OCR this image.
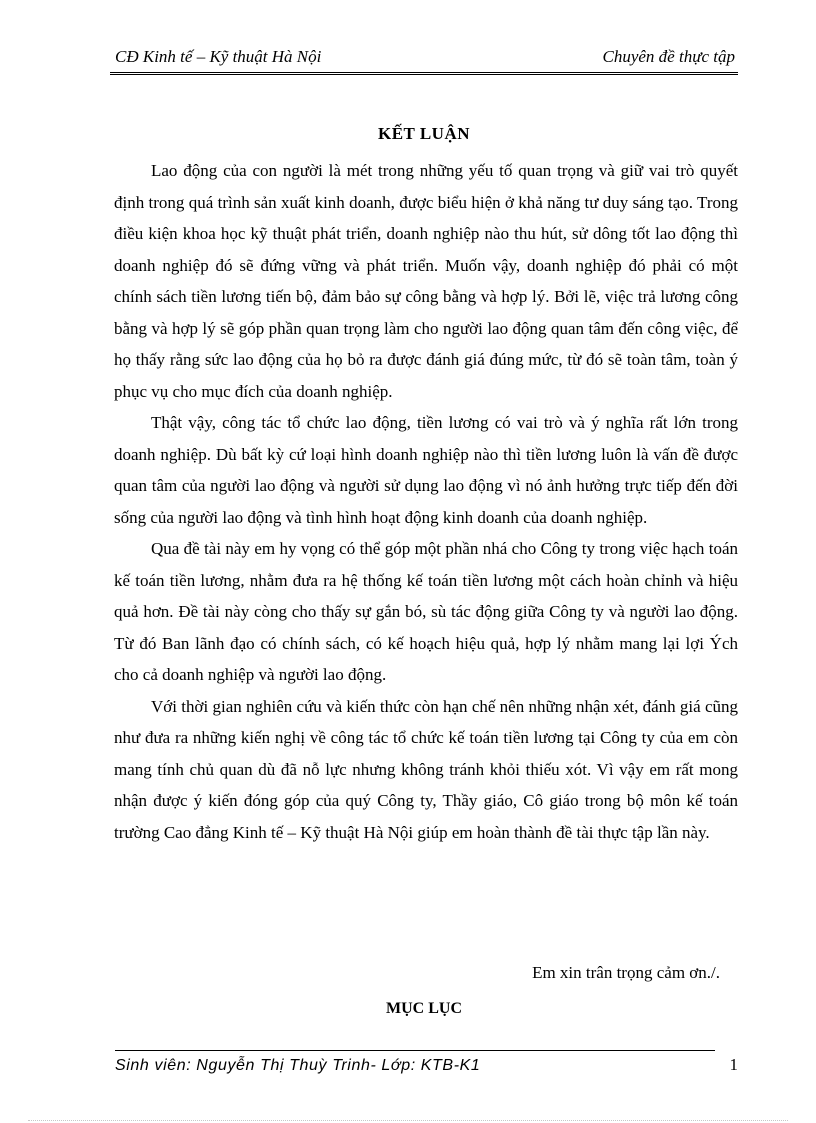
CĐ Kinh tế – Kỹ thuật Hà Nội	Chuyên đề thực tập
KẾT LUẬN

Lao động của con người là mét trong những yếu tố quan trọng và giữ vai trò quyết định trong quá trình sản xuất kinh doanh, được biểu hiện ở khả năng tư duy sáng tạo. Trong điều kiện khoa học kỹ thuật phát triển, doanh nghiệp nào thu hút, sử dông tốt lao động thì doanh nghiệp đó sẽ đứng vững và phát triển. Muốn vậy, doanh nghiệp đó phải có một chính sách tiền lương tiến bộ, đảm bảo sự công bằng và hợp lý. Bởi lẽ, việc trả lương công bằng và hợp lý sẽ góp phần quan trọng làm cho người lao động quan tâm đến công việc, để họ thấy rằng sức lao động của họ bỏ ra được đánh giá đúng mức, từ đó sẽ toàn tâm, toàn ý phục vụ cho mục đích của doanh nghiệp.

Thật vậy, công tác tổ chức lao động, tiền lương có vai trò và ý nghĩa rất lớn trong doanh nghiệp. Dù bất kỳ cứ loại hình doanh nghiệp nào thì tiền lương luôn là vấn đề được quan tâm của người lao động và người sử dụng lao động vì nó ảnh hưởng trực tiếp đến đời sống của người lao động và tình hình hoạt động kinh doanh của doanh nghiệp.

Qua đề tài này em hy vọng có thể góp một phần nhá cho Công ty trong việc hạch toán kế toán tiền lương, nhằm đưa ra hệ thống kế toán tiền lương một cách hoàn chỉnh và hiệu quả hơn. Đề tài này còng cho thấy sự gắn bó, sù tác động giữa Công ty và người lao động. Từ đó Ban lãnh đạo có chính sách, có kế hoạch hiệu quả, hợp lý nhằm mang lại lợi Ých cho cả doanh nghiệp và người lao động.

Với thời gian nghiên cứu và kiến thức còn hạn chế nên những nhận xét, đánh giá cũng như đưa ra những kiến nghị về công tác tổ chức kế toán tiền lương tại Công ty của em còn mang tính chủ quan dù đã nỗ lực nhưng không tránh khỏi thiếu xót. Vì vậy em rất mong nhận được ý kiến đóng góp của quý Công ty, Thầy giáo, Cô giáo trong bộ môn kế toán trường Cao đẳng Kinh tế – Kỹ thuật Hà Nội giúp em hoàn thành đề tài thực tập lần này.

Em xin trân trọng cảm ơn./.
MỤC LỤC
Sinh viên: Nguyễn Thị Thuỳ Trinh- Lớp: KTB-K1	1
